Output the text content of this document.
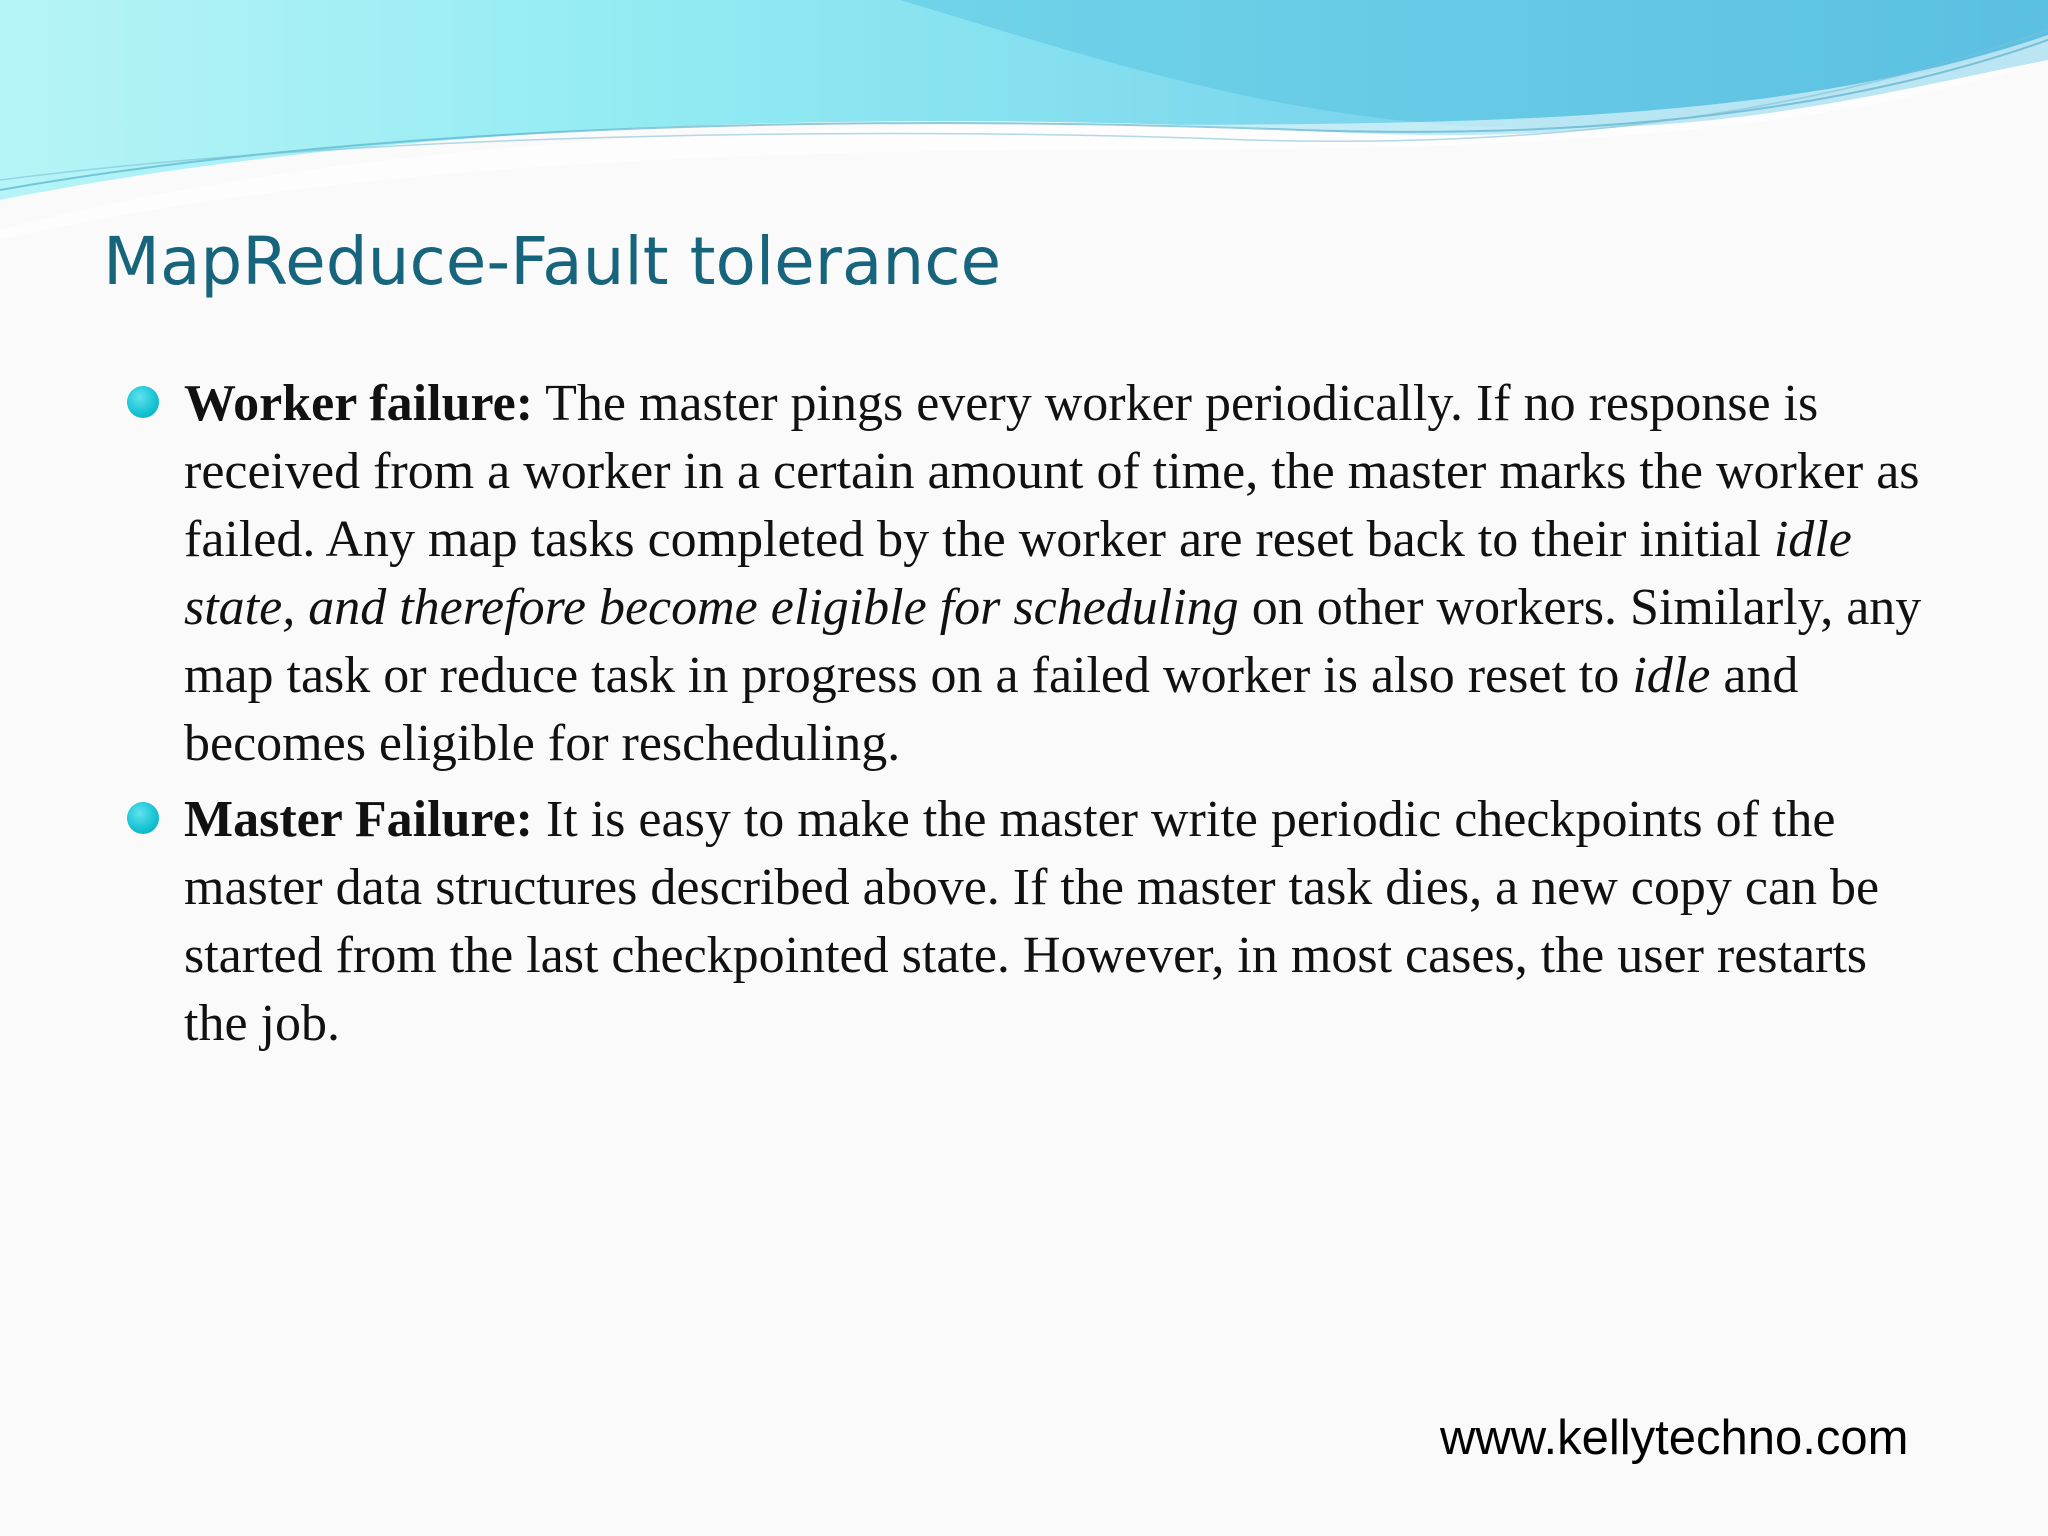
MapReduce-Fault tolerance
Worker failure: The master pings every worker periodically. If no response is received from a worker in a certain amount of time, the master marks the worker as failed. Any map tasks completed by the worker are reset back to their initial idle state, and therefore become eligible for scheduling on other workers. Similarly, any map task or reduce task in progress on a failed worker is also reset to idle and becomes eligible for rescheduling.
Master Failure: It is easy to make the master write periodic checkpoints of the master data structures described above. If the master task dies, a new copy can be started from the last checkpointed state. However, in most cases, the user restarts the job.
www.kellytechno.com
